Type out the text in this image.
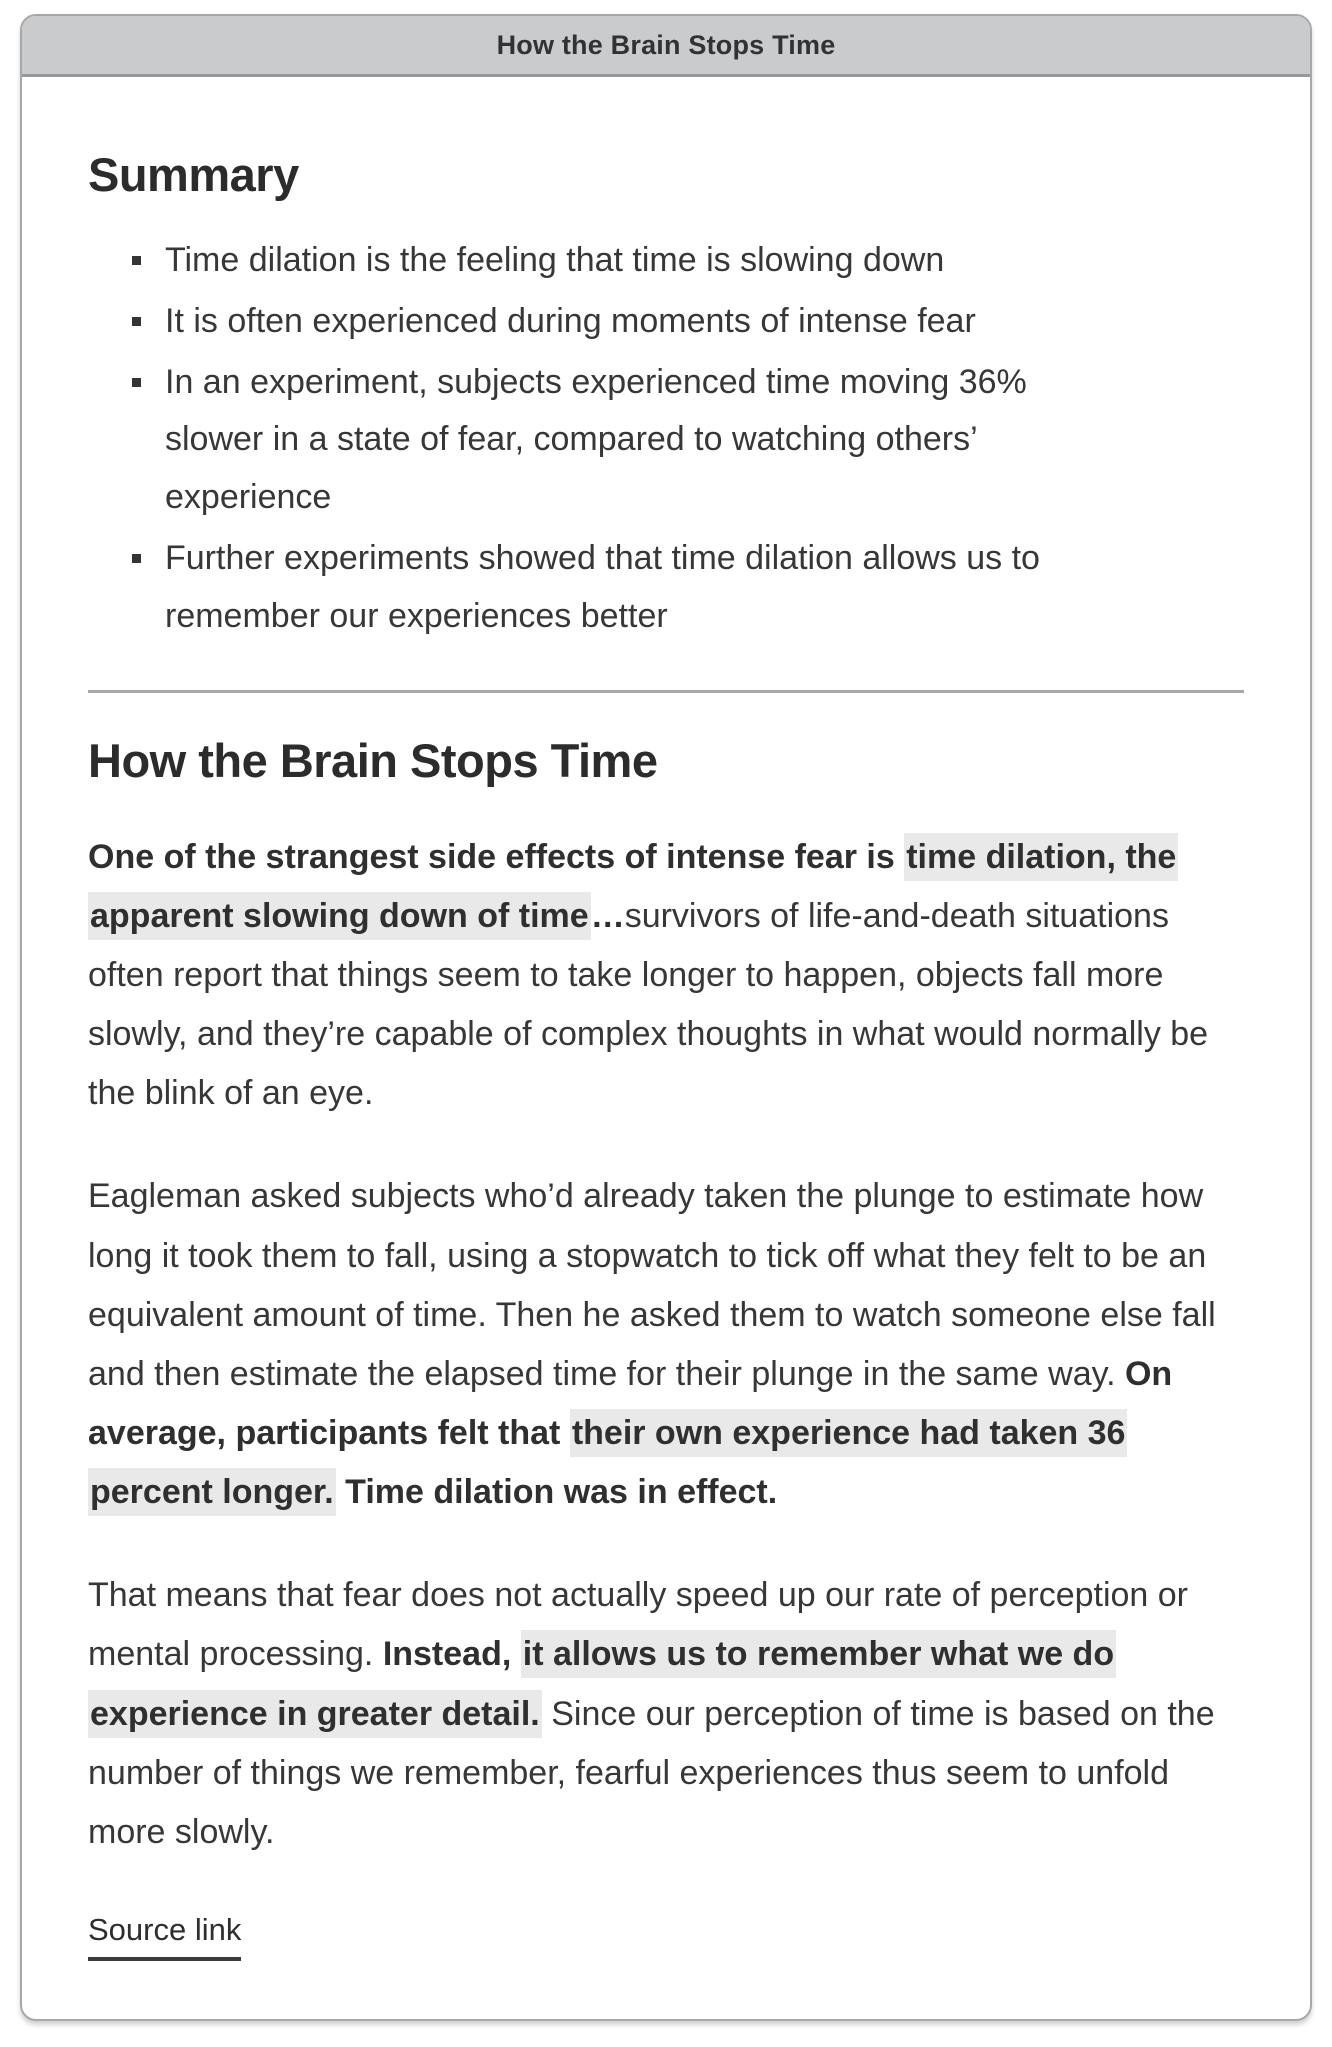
How the Brain Stops Time
Summary
Time dilation is the feeling that time is slowing down
It is often experienced during moments of intense fear
In an experiment, subjects experienced time moving 36% slower in a state of fear, compared to watching others’ experience
Further experiments showed that time dilation allows us to remember our experiences better
How the Brain Stops Time

One of the strangest side effects of intense fear is time dilation, the apparent slowing down of time…survivors of life-and-death situations often report that things seem to take longer to happen, objects fall more slowly, and they’re capable of complex thoughts in what would normally be the blink of an eye.

Eagleman asked subjects who’d already taken the plunge to estimate how long it took them to fall, using a stopwatch to tick off what they felt to be an equivalent amount of time. Then he asked them to watch someone else fall and then estimate the elapsed time for their plunge in the same way. On average, participants felt that their own experience had taken 36 percent longer. Time dilation was in effect.

That means that fear does not actually speed up our rate of perception or mental processing. Instead, it allows us to remember what we do experience in greater detail. Since our perception of time is based on the number of things we remember, fearful experiences thus seem to unfold more slowly.

Source link
